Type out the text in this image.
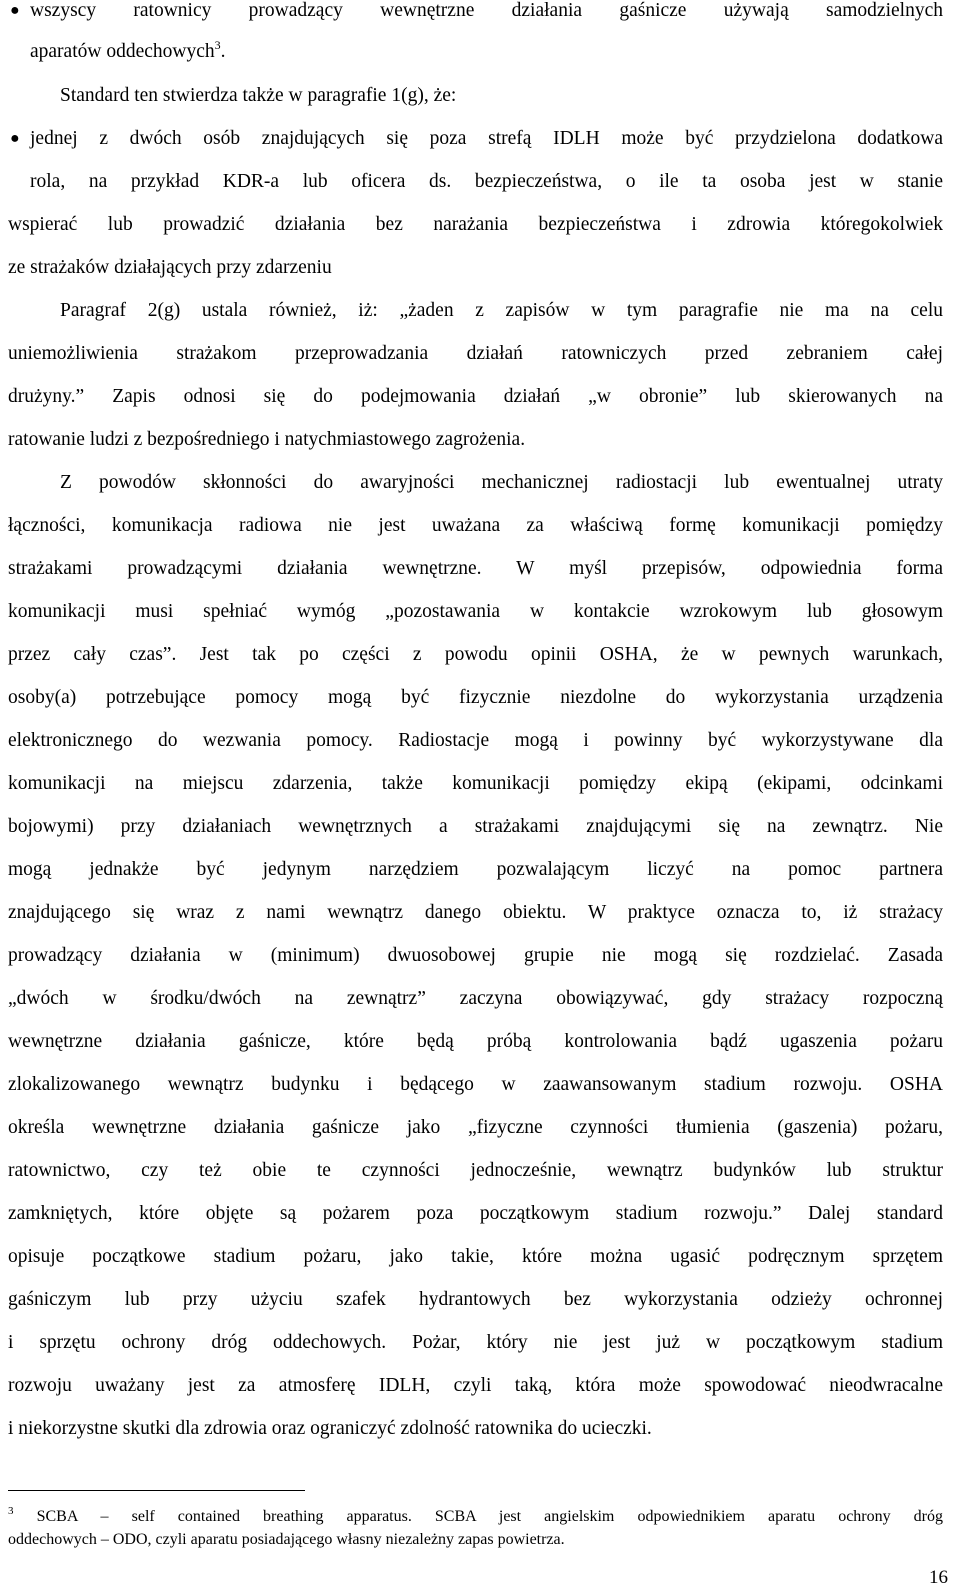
● wszyscy ratownicy prowadzący wewnętrzne działania gaśnicze używają samodzielnych
aparatów oddechowych$^3$.
Standard ten stwierdza także w paragrafie 1(g), że:
● jednej z dwóch osób znajdujących się poza strefą IDLH może być przydzielona dodatkowa
rola, na przykład KDR-a lub oficera ds. bezpieczeństwa, o ile ta osoba jest w stanie
wspierać lub prowadzić działania bez narażania bezpieczeństwa i zdrowia któregokolwiek
ze strażaków działających przy zdarzeniu
Paragraf 2(g) ustala również, iż: „żaden z zapisów w tym paragrafie nie ma na celu
uniemożliwienia strażakom przeprowadzania działań ratowniczych przed zebraniem całej
drużyny.” Zapis odnosi się do podejmowania działań „w obronie” lub skierowanych na
ratowanie ludzi z bezpośredniego i natychmiastowego zagrożenia.
Z powodów skłonności do awaryjności mechanicznej radiostacji lub ewentualnej utraty
łączności, komunikacja radiowa nie jest uważana za właściwą formę komunikacji pomiędzy
strażakami prowadzącymi działania wewnętrzne. W myśl przepisów, odpowiednia forma
komunikacji musi spełniać wymóg „pozostawania w kontakcie wzrokowym lub głosowym
przez cały czas”. Jest tak po części z powodu opinii OSHA, że w pewnych warunkach,
osoby(a) potrzebujące pomocy mogą być fizycznie niezdolne do wykorzystania urządzenia
elektronicznego do wezwania pomocy. Radiostacje mogą i powinny być wykorzystywane dla
komunikacji na miejscu zdarzenia, także komunikacji pomiędzy ekipą (ekipami, odcinkami
bojowymi) przy działaniach wewnętrznych a strażakami znajdującymi się na zewnątrz. Nie
mogą jednakże być jedynym narzędziem pozwalającym liczyć na pomoc partnera
znajdującego się wraz z nami wewnątrz danego obiektu. W praktyce oznacza to, iż strażacy
prowadzący działania w (minimum) dwuosobowej grupie nie mogą się rozdzielać. Zasada
„dwóch w środku/dwóch na zewnątrz” zaczyna obowiązywać, gdy strażacy rozpoczną
wewnętrzne działania gaśnicze, które będą próbą kontrolowania bądź ugaszenia pożaru
zlokalizowanego wewnątrz budynku i będącego w zaawansowanym stadium rozwoju. OSHA
określa wewnętrzne działania gaśnicze jako „fizyczne czynności tłumienia (gaszenia) pożaru,
ratownictwo, czy też obie te czynności jednocześnie, wewnątrz budynków lub struktur
zamkniętych, które objęte są pożarem poza początkowym stadium rozwoju.” Dalej standard
opisuje początkowe stadium pożaru, jako takie, które można ugasić podręcznym sprzętem
gaśniczym lub przy użyciu szafek hydrantowych bez wykorzystania odzieży ochronnej
i sprzętu ochrony dróg oddechowych. Pożar, który nie jest już w początkowym stadium
rozwoju uważany jest za atmosferę IDLH, czyli taką, która może spowodować nieodwracalne
i niekorzystne skutki dla zdrowia oraz ograniczyć zdolność ratownika do ucieczki.
$^3$ SCBA – self contained breathing apparatus. SCBA jest angielskim odpowiednikiem aparatu ochrony dróg
oddechowych – ODO, czyli aparatu posiadającego własny niezależny zapas powietrza.
16
